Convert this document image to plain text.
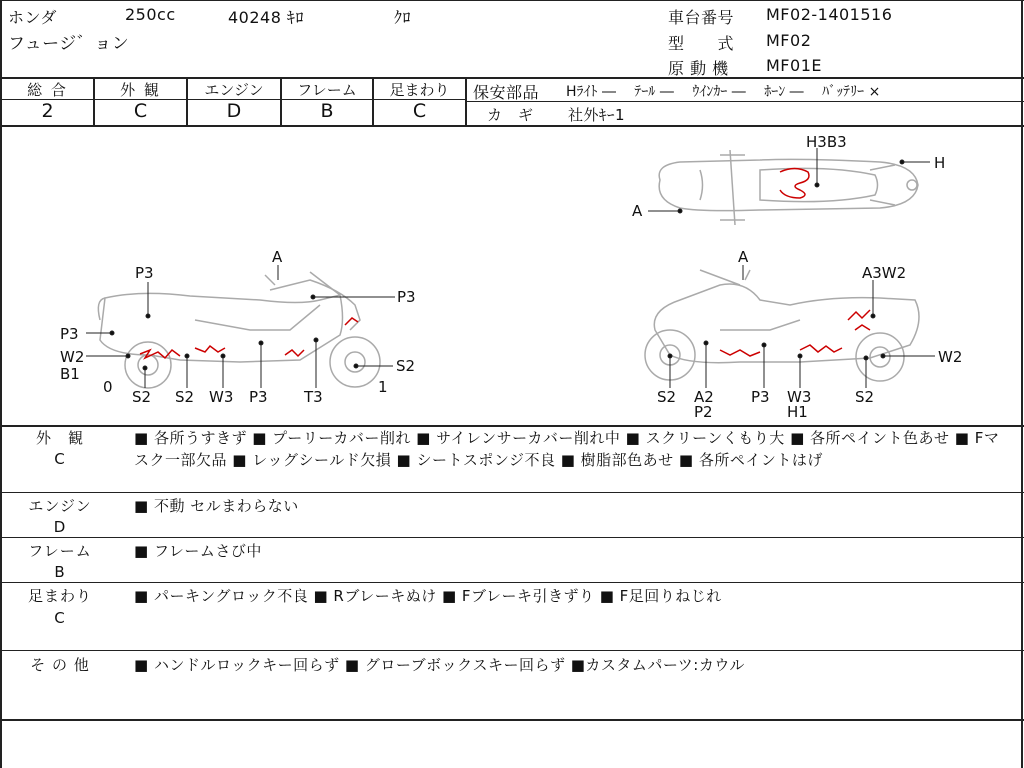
ホンダ	250cc	40248 ｷﾛ	ｸﾛ
フュージ゛ョン
車台番号 MF02-1401516
型　　式 MF02
原 動 機 MF01E
総 合
2
外 観
C
エンジン
D
フレーム
B
足まわり
C
保安部品 Hﾗｲﾄ ―　 ﾃｰﾙ ―　 ｳｲﾝｶｰ ―　 ﾎｰﾝ ―　 ﾊﾞｯﾃﾘｰ ×
カ　ギ 社外ｷｰ1
H3B3
H
A
A
P3
P3
P3
W2
B1
0
S2
1
S2 S2 W3 P3 T3
A
A3W2
W2
S2 A2
P2
P3 W3
H1
S2
外　観
C
■ 各所うすきず ■ プーリーカバー削れ ■ サイレンサーカバー削れ中 ■ スクリーンくもり大 ■ 各所ペイント色あせ ■ Fマスク一部欠品 ■ レッグシールド欠損 ■ シートスポンジ不良 ■ 樹脂部色あせ ■ 各所ペイントはげ
エンジン
D
■ 不動 セルまわらない
フレーム
B
■ フレームさび中
足まわり
C
■ パーキングロック不良 ■ Rブレーキぬけ ■ Fブレーキ引きずり ■ F足回りねじれ
そ の 他	■ ハンドルロックキー回らず ■ グローブボックスキー回らず ■カスタムパーツ:カウル
